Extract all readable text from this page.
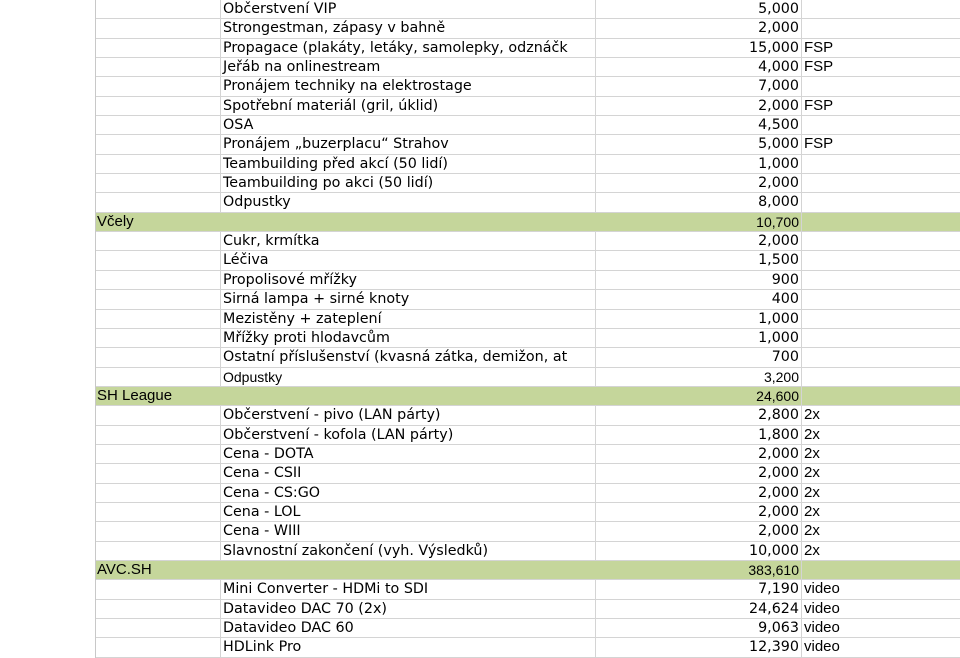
Občerstvení VIP	5,000
Strongestman, zápasy v bahně	2,000
Propagace (plakáty, letáky, samolepky, odznáčk	15,000 FSP
Jeřáb na onlinestream	4,000 FSP
Pronájem techniky na elektrostage	7,000
Spotřební materiál (gril, úklid)	2,000 FSP
OSA	4,500
Pronájem „buzerplacu“ Strahov	5,000 FSP
Teambuilding před akcí (50 lidí)	1,000
Teambuilding po akci (50 lidí)	2,000
Odpustky	8,000
Včely	10,700
Cukr, krmítka	2,000
Léčiva	1,500
Propolisové mřížky	900
Sirná lampa + sirné knoty	400
Mezistěny + zateplení	1,000
Mřížky proti hlodavcům	1,000
Ostatní příslušenství (kvasná zátka, demižon, at	700
Odpustky	3,200
SH League	24,600
Občerstvení - pivo (LAN párty)	2,800 2x
Občerstvení - kofola (LAN párty)	1,800 2x
Cena - DOTA	2,000 2x
Cena - CSII	2,000 2x
Cena - CS:GO	2,000 2x
Cena - LOL	2,000 2x
Cena - WIII	2,000 2x
Slavnostní zakončení (vyh. Výsledků)	10,000 2x
AVC.SH	383,610
Mini Converter - HDMi to SDI	7,190 video
Datavideo DAC 70 (2x)	24,624 video
Datavideo DAC 60	9,063 video
HDLink Pro	12,390 video
